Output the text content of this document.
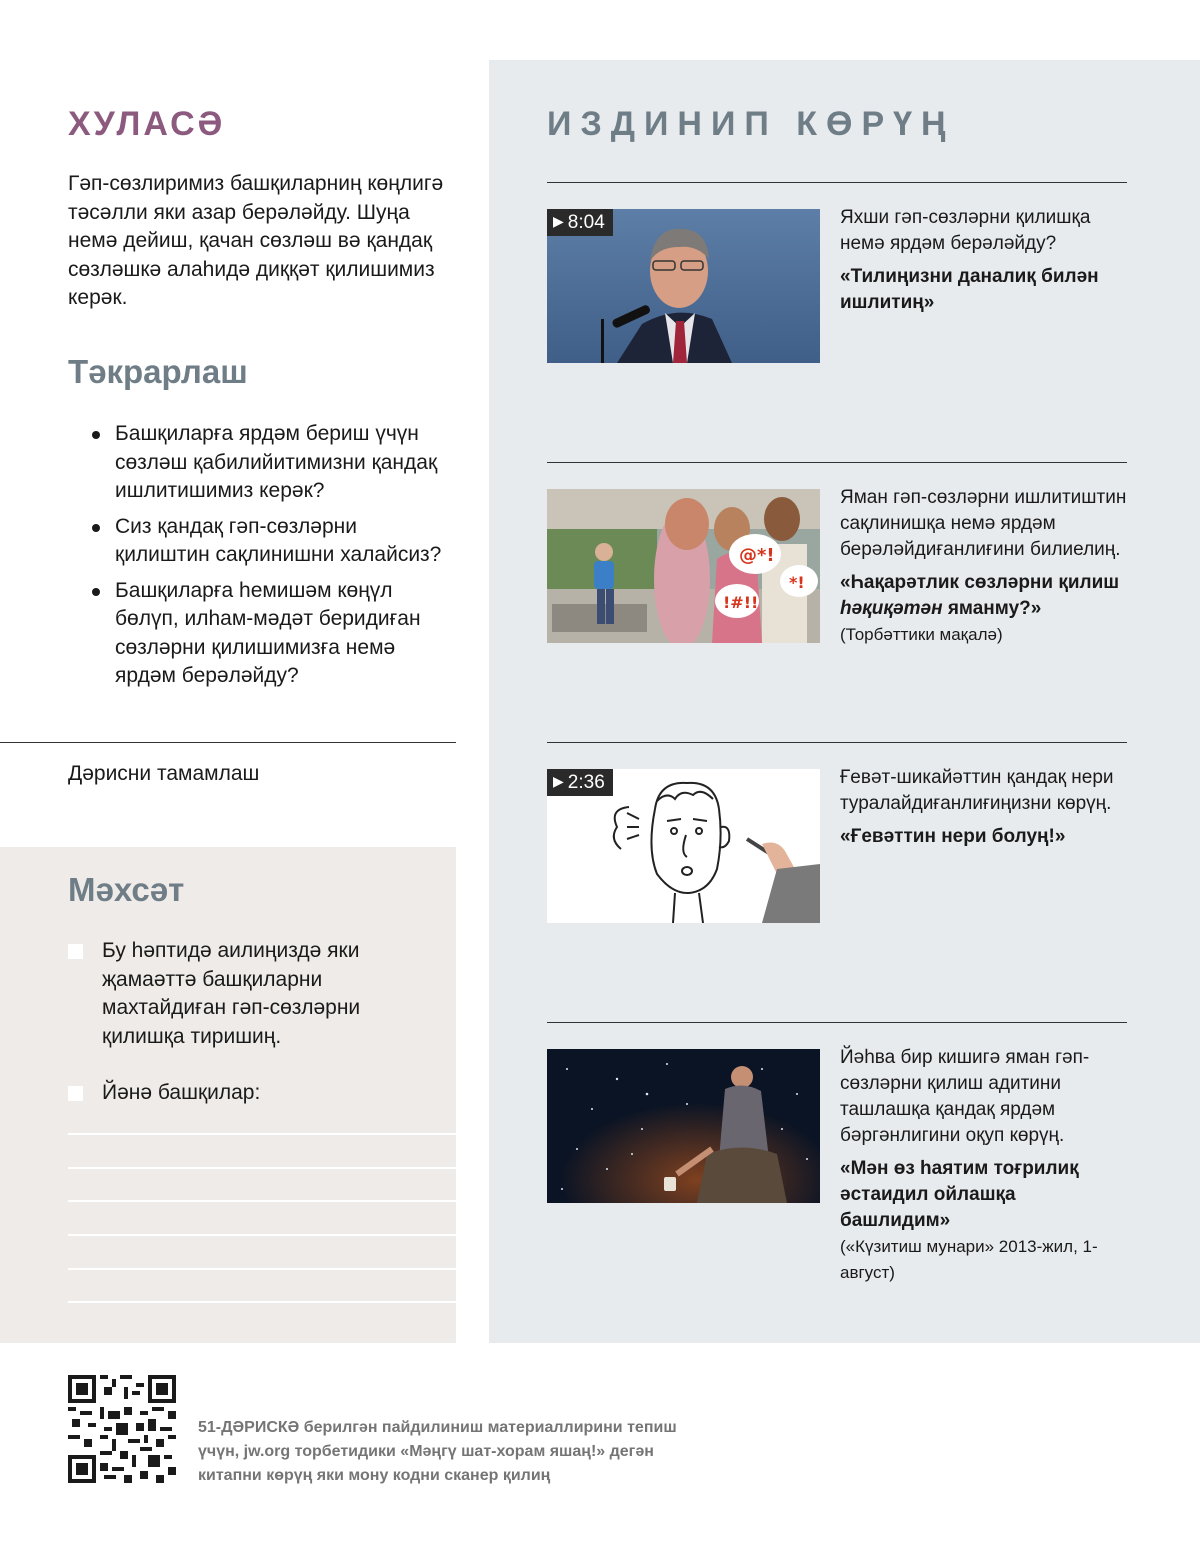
ХУЛАСӘ

Гәп-сөзлиримиз башқиларниң көңлигә тәсәлли яки азар берәләйду. Шуңа немә дейиш, қачан сөзләш вә қандақ сөзләшкә алаһидә диққәт қилишимиз керәк.

Тәкрарлаш
Башқиларға ярдәм бериш үчүн сөзләш қабилийитимизни қандақ ишлитишимиз керәк?
Сиз қандақ гәп-сөзләрни қилиштин сақлинишни халайсиз?
Башқиларға һемишәм көңүл бөлүп, илһам-мәдәт беридиған сөзләрни қилишимизға немә ярдәм берәләйду?
Дәрисни тамамлаш
Мәхсәт
Бу һәптидә аилиңиздә яки җамаәттә башқиларни махтайдиған гәп-сөзләрни қилишқа тиришиң.
Йәнә башқилар:
ИЗДИНИП КӨРҮҢ
▶ 8:04	Яхши гәп-сөзләрни қилишқа немә ярдәм берәләйду?

«Тилиңизни даналиқ билән ишлитиң»

@*!
!#!!
*!

Яман гәп-сөзләрни ишлитиштин сақлинишқа немә ярдәм берәләйдиғанлиғини билиелиң.

«Һақарәтлик сөзләрни қилиш һәқиқәтән яманму?»

(Торбәттики мақалә)

▶ 2:36	Ғевәт-шикайәттин қандақ нери туралайдиғанлиғиңизни көрүң.

«Ғевәттин нери болуң!»

Йәһва бир кишигә яман гәп-сөзләрни қилиш адитини ташлашқа қандақ ярдәм бәргәнлигини оқуп көрүң.

«Мән өз һаятим тоғрилиқ әстаидил ойлашқа башлидим»

(«Күзитиш мунари» 2013-жил, 1-август)

51-ДӘРИСКӘ берилгән пайдилиниш материаллирини тепиш үчүн, jw.org торбетидики «Мәңгү шат-хорам яшаң!» дегән китапни көрүң яки мону кодни сканер қилиң
